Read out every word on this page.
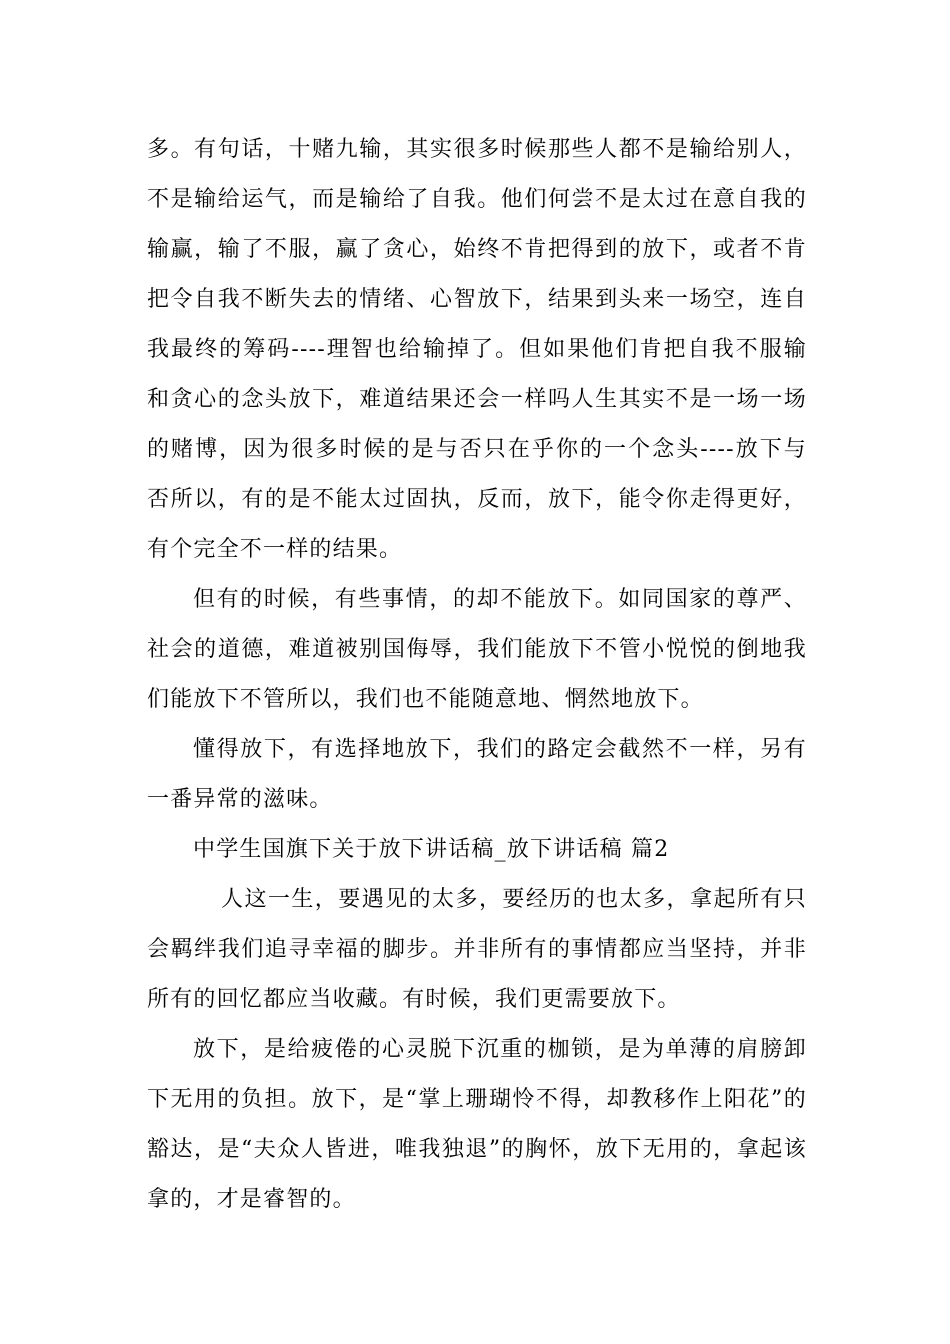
多。有句话，十赌九输，其实很多时候那些人都不是输给别人，不是输给运气，而是输给了自我。他们何尝不是太过在意自我的输赢，输了不服，赢了贪心，始终不肯把得到的放下，或者不肯把令自我不断失去的情绪、心智放下，结果到头来一场空，连自我最终的筹码----理智也给输掉了。但如果他们肯把自我不服输和贪心的念头放下，难道结果还会一样吗人生其实不是一场一场的赌博，因为很多时候的是与否只在乎你的一个念头----放下与否所以，有的是不能太过固执，反而，放下，能令你走得更好，有个完全不一样的结果。

但有的时候，有些事情，的却不能放下。如同国家的尊严、社会的道德，难道被别国侮辱，我们能放下不管小悦悦的倒地我们能放下不管所以，我们也不能随意地、惘然地放下。

懂得放下，有选择地放下，我们的路定会截然不一样，另有一番异常的滋味。

中学生国旗下关于放下讲话稿_放下讲话稿 篇2

人这一生，要遇见的太多，要经历的也太多，拿起所有只会羁绊我们追寻幸福的脚步。并非所有的事情都应当坚持，并非所有的回忆都应当收藏。有时候，我们更需要放下。

放下，是给疲倦的心灵脱下沉重的枷锁，是为单薄的肩膀卸下无用的负担。放下，是“掌上珊瑚怜不得，却教移作上阳花”的豁达，是“夫众人皆进，唯我独退”的胸怀，放下无用的，拿起该拿的，才是睿智的。
